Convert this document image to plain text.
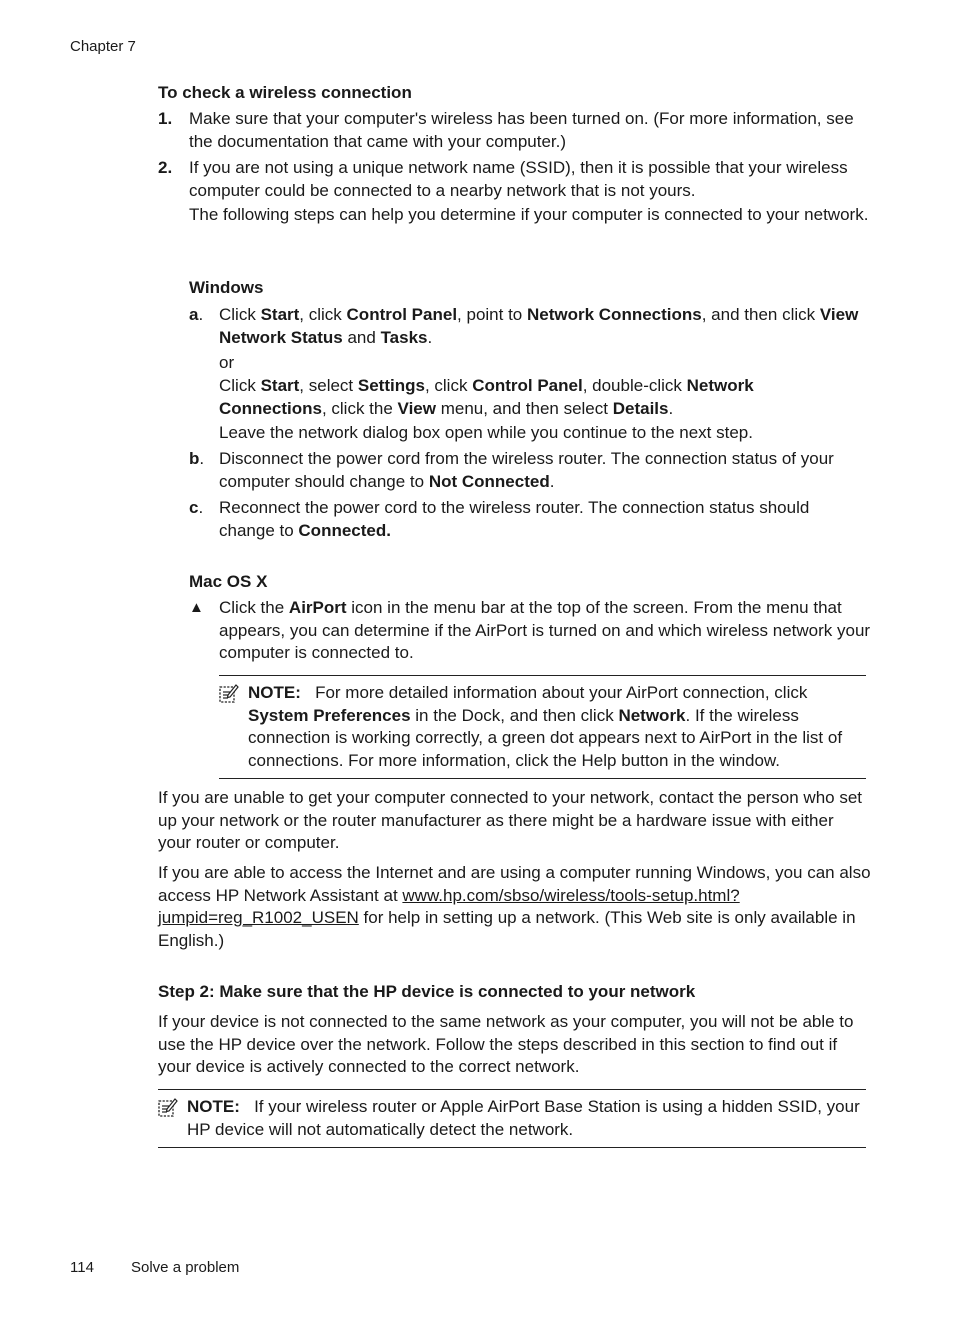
Chapter 7
To check a wireless connection
1. Make sure that your computer's wireless has been turned on. (For more information, see the documentation that came with your computer.)

2. If you are not using a unique network name (SSID), then it is possible that your wireless computer could be connected to a nearby network that is not yours.

The following steps can help you determine if your computer is connected to your network.

Windows
a. Click Start, click Control Panel, point to Network Connections, and then click View Network Status and Tasks.

or

Click Start, select Settings, click Control Panel, double-click Network Connections, click the View menu, and then select Details.

Leave the network dialog box open while you continue to the next step.

b. Disconnect the power cord from the wireless router. The connection status of your computer should change to Not Connected.

c. Reconnect the power cord to the wireless router. The connection status should change to Connected.

Mac OS X
▲ Click the AirPort icon in the menu bar at the top of the screen. From the menu that appears, you can determine if the AirPort is turned on and which wireless network your computer is connected to.

NOTE: For more detailed information about your AirPort connection, click System Preferences in the Dock, and then click Network. If the wireless connection is working correctly, a green dot appears next to AirPort in the list of connections. For more information, click the Help button in the window.

If you are unable to get your computer connected to your network, contact the person who set up your network or the router manufacturer as there might be a hardware issue with either your router or computer.

If you are able to access the Internet and are using a computer running Windows, you can also access HP Network Assistant at www.hp.com/sbso/wireless/tools-setup.html?jumpid=reg_R1002_USEN for help in setting up a network. (This Web site is only available in English.)

Step 2: Make sure that the HP device is connected to your network

If your device is not connected to the same network as your computer, you will not be able to use the HP device over the network. Follow the steps described in this section to find out if your device is actively connected to the correct network.

NOTE: If your wireless router or Apple AirPort Base Station is using a hidden SSID, your HP device will not automatically detect the network.

114 Solve a problem
